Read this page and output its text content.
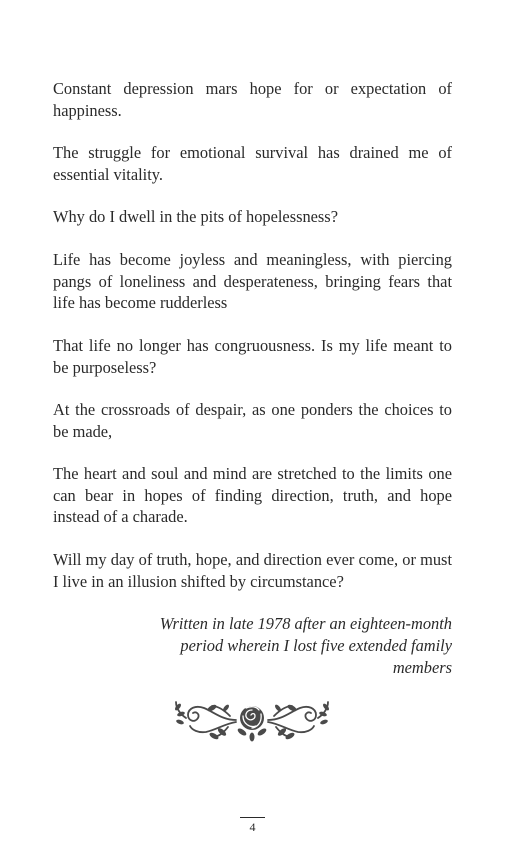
Constant depression mars hope for or expectation of happiness.

The struggle for emotional survival has drained me of essential vitality.

Why do I dwell in the pits of hopelessness?

Life has become joyless and meaningless, with piercing pangs of loneliness and desperateness, bringing fears that life has become rudderless

That life no longer has congruousness. Is my life meant to be purposeless?

At the crossroads of despair, as one ponders the choices to be made,

The heart and soul and mind are stretched to the limits one can bear in hopes of finding direction, truth, and hope instead of a charade.

Will my day of truth, hope, and direction ever come, or must I live in an illusion shifted by circumstance?

Written in late 1978 after an eighteen-month period wherein I lost five extended family members

4
